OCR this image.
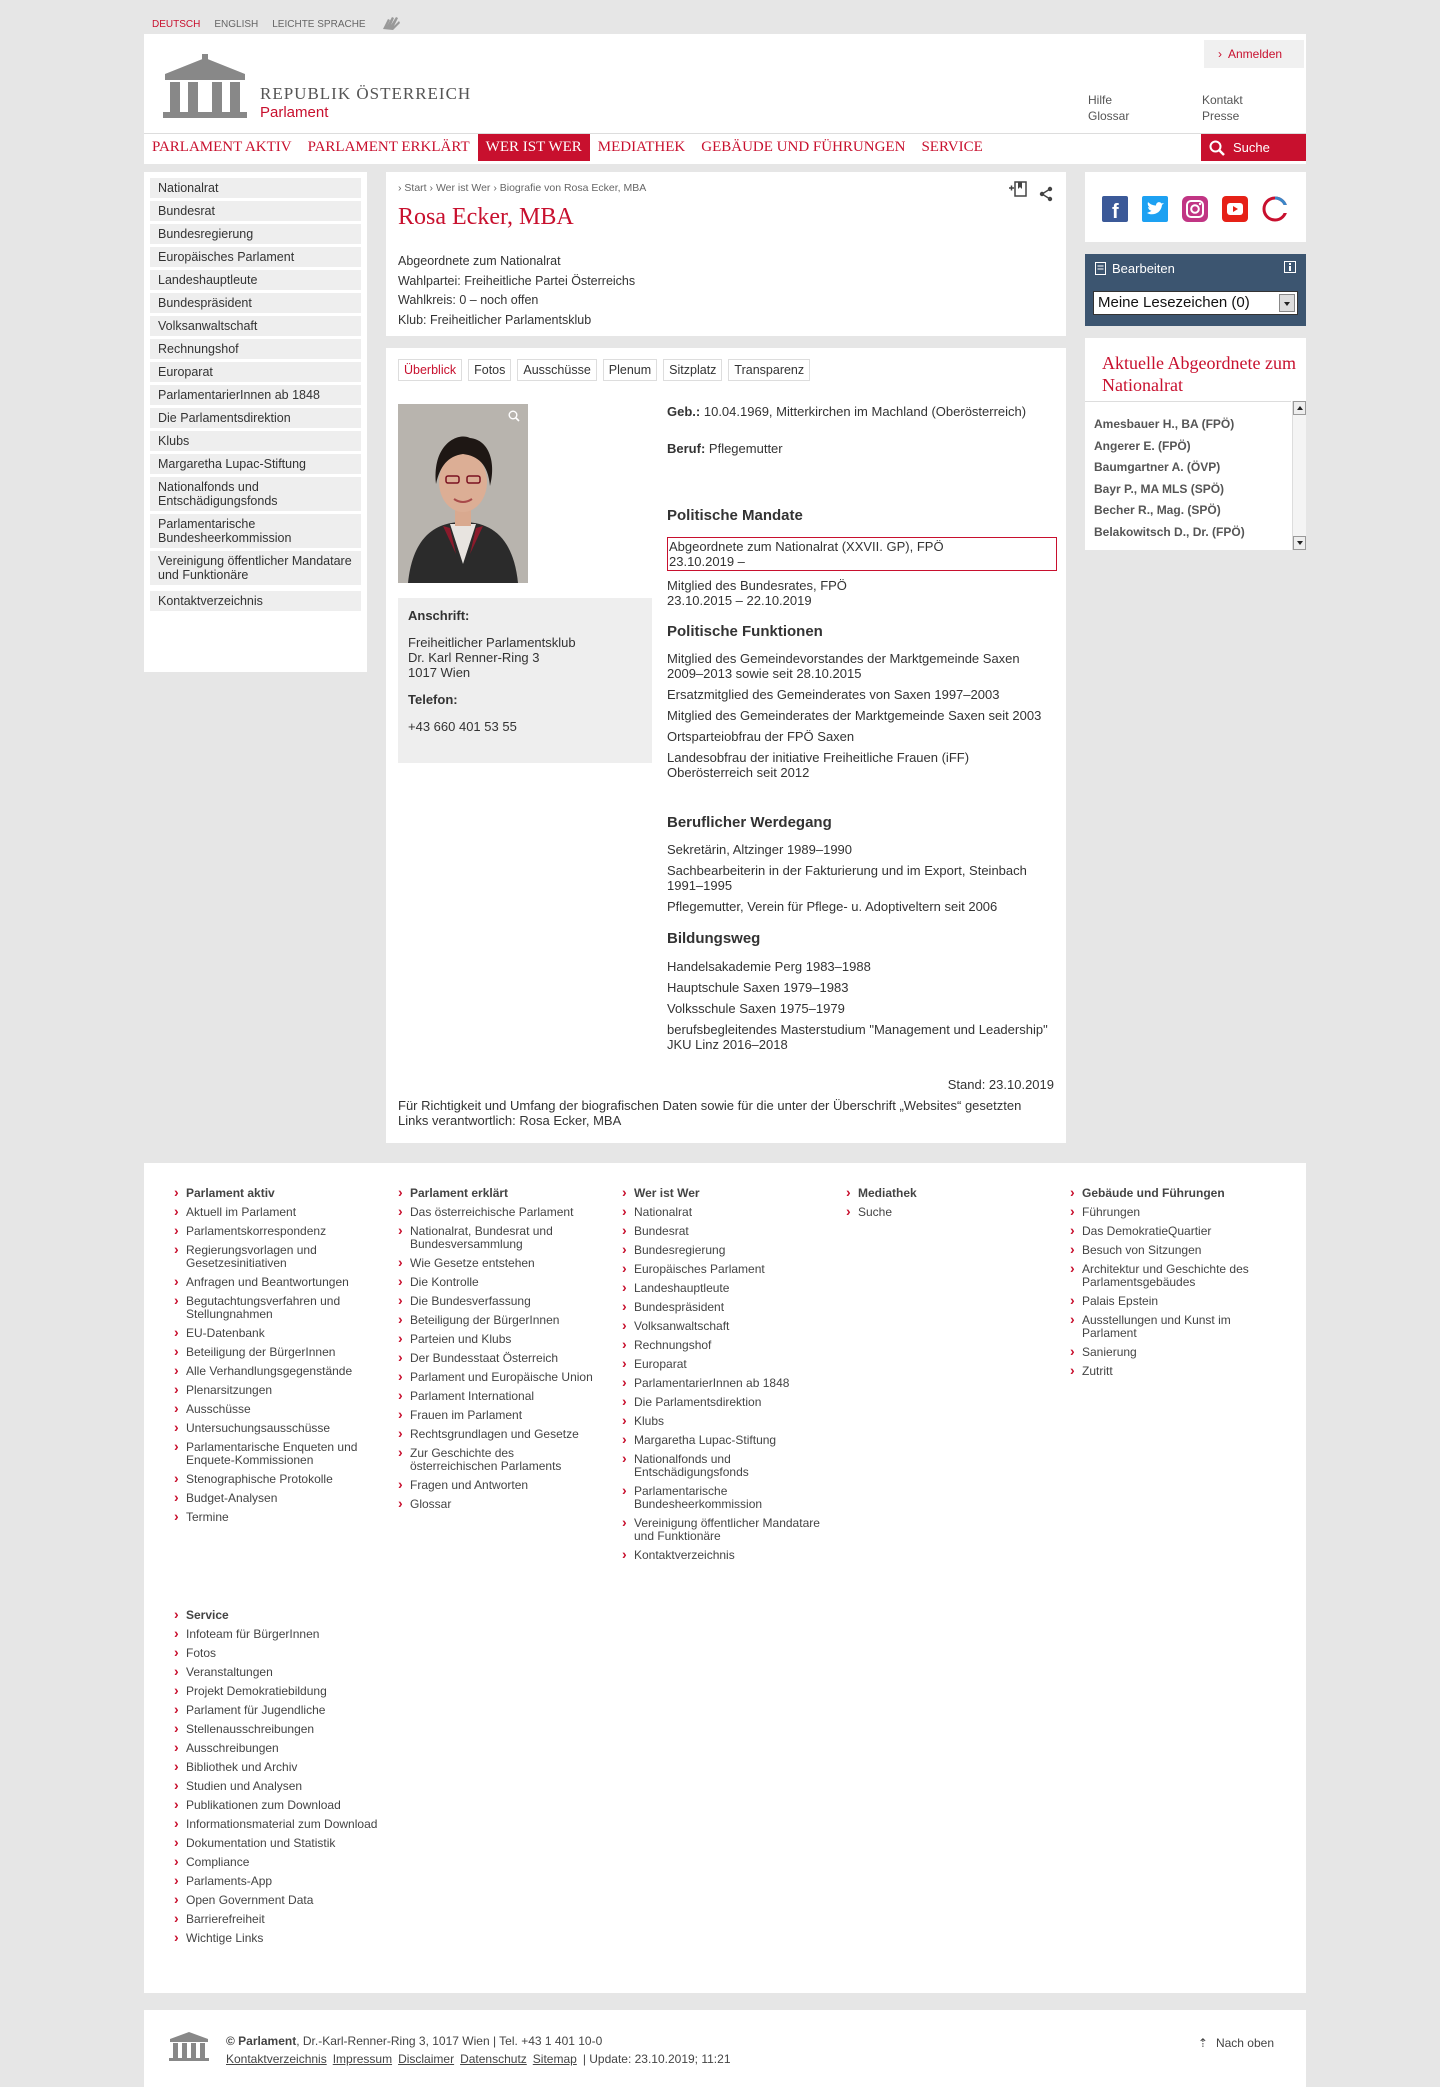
DEUTSCH ENGLISH LEICHTE SPRACHE
REPUBLIK ÖSTERREICH
Parlament
› Anmelden
Hilfe
Glossar
Kontakt
Presse
PARLAMENT AKTIV	PARLAMENT ERKLÄRT	WER IST WER	MEDIATHEK	GEBÄUDE UND FÜHRUNGEN	SERVICE	Suche
Nationalrat
Bundesrat
Bundesregierung
Europäisches Parlament
Landeshauptleute
Bundespräsident
Volksanwaltschaft
Rechnungshof
Europarat
ParlamentarierInnen ab 1848
Die Parlamentsdirektion
Klubs
Margaretha Lupac-Stiftung
Nationalfonds und Entschädigungsfonds
Parlamentarische Bundesheerkommission
Vereinigung öffentlicher Mandatare und Funktionäre
Kontaktverzeichnis
› Start › Wer ist Wer › Biografie von Rosa Ecker, MBA
Rosa Ecker, MBA
Abgeordnete zum Nationalrat
Wahlpartei: Freiheitliche Partei Österreichs
Wahlkreis: 0 – noch offen
Klub: Freiheitlicher Parlamentsklub
Überblick	Fotos	Ausschüsse	Plenum	Sitzplatz	Transparenz
Anschrift:
Freiheitlicher Parlamentsklub
Dr. Karl Renner-Ring 3
1017 Wien
Telefon:
+43 660 401 53 55
Geb.: 10.04.1969, Mitterkirchen im Machland (Oberösterreich)
Beruf: Pflegemutter
Politische Mandate
Abgeordnete zum Nationalrat (XXVII. GP), FPÖ
23.10.2019 –
Mitglied des Bundesrates, FPÖ
23.10.2015 – 22.10.2019
Politische Funktionen
Mitglied des Gemeindevorstandes der Marktgemeinde Saxen 2009–2013 sowie seit 28.10.2015
Ersatzmitglied des Gemeinderates von Saxen 1997–2003
Mitglied des Gemeinderates der Marktgemeinde Saxen seit 2003
Ortsparteiobfrau der FPÖ Saxen
Landesobfrau der initiative Freiheitliche Frauen (iFF) Oberösterreich seit 2012
Beruflicher Werdegang
Sekretärin, Altzinger 1989–1990
Sachbearbeiterin in der Fakturierung und im Export, Steinbach 1991–1995
Pflegemutter, Verein für Pflege- u. Adoptiveltern seit 2006
Bildungsweg
Handelsakademie Perg 1983–1988
Hauptschule Saxen 1979–1983
Volksschule Saxen 1975–1979
berufsbegleitendes Masterstudium "Management und Leadership" JKU Linz 2016–2018
Stand: 23.10.2019
Für Richtigkeit und Umfang der biografischen Daten sowie für die unter der Überschrift „Websites“ gesetzten Links verantwortlich: Rosa Ecker, MBA
f
Bearbeiten
Meine Lesezeichen (0)
Aktuelle Abgeordnete zum Nationalrat
Amesbauer H., BA (FPÖ)
Angerer E. (FPÖ)
Baumgartner A. (ÖVP)
Bayr P., MA MLS (SPÖ)
Becher R., Mag. (SPÖ)
Belakowitsch D., Dr. (FPÖ)
› Parlament aktiv
› Aktuell im Parlament
› Parlamentskorrespondenz
› Regierungsvorlagen und Gesetzesinitiativen
› Anfragen und Beantwortungen
› Begutachtungsverfahren und Stellungnahmen
› EU-Datenbank
› Beteiligung der BürgerInnen
› Alle Verhandlungsgegenstände
› Plenarsitzungen
› Ausschüsse
› Untersuchungsausschüsse
› Parlamentarische Enqueten und Enquete-Kommissionen
› Stenographische Protokolle
› Budget-Analysen
› Termine
› Parlament erklärt
› Das österreichische Parlament
› Nationalrat, Bundesrat und Bundesversammlung
› Wie Gesetze entstehen
› Die Kontrolle
› Die Bundesverfassung
› Beteiligung der BürgerInnen
› Parteien und Klubs
› Der Bundesstaat Österreich
› Parlament und Europäische Union
› Parlament International
› Frauen im Parlament
› Rechtsgrundlagen und Gesetze
› Zur Geschichte des österreichischen Parlaments
› Fragen und Antworten
› Glossar
› Wer ist Wer
› Nationalrat
› Bundesrat
› Bundesregierung
› Europäisches Parlament
› Landeshauptleute
› Bundespräsident
› Volksanwaltschaft
› Rechnungshof
› Europarat
› ParlamentarierInnen ab 1848
› Die Parlamentsdirektion
› Klubs
› Margaretha Lupac-Stiftung
› Nationalfonds und Entschädigungsfonds
› Parlamentarische Bundesheerkommission
› Vereinigung öffentlicher Mandatare und Funktionäre
› Kontaktverzeichnis
› Mediathek
› Suche
› Gebäude und Führungen
› Führungen
› Das DemokratieQuartier
› Besuch von Sitzungen
› Architektur und Geschichte des Parlamentsgebäudes
› Palais Epstein
› Ausstellungen und Kunst im Parlament
› Sanierung
› Zutritt
› Service
› Infoteam für BürgerInnen
› Fotos
› Veranstaltungen
› Projekt Demokratiebildung
› Parlament für Jugendliche
› Stellenausschreibungen
› Ausschreibungen
› Bibliothek und Archiv
› Studien und Analysen
› Publikationen zum Download
› Informationsmaterial zum Download
› Dokumentation und Statistik
› Compliance
› Parlaments-App
› Open Government Data
› Barrierefreiheit
› Wichtige Links
© Parlament, Dr.-Karl-Renner-Ring 3, 1017 Wien | Tel. +43 1 401 10-0
Kontaktverzeichnis Impressum Disclaimer Datenschutz Sitemap | Update: 23.10.2019; 11:21
⇡ Nach oben
